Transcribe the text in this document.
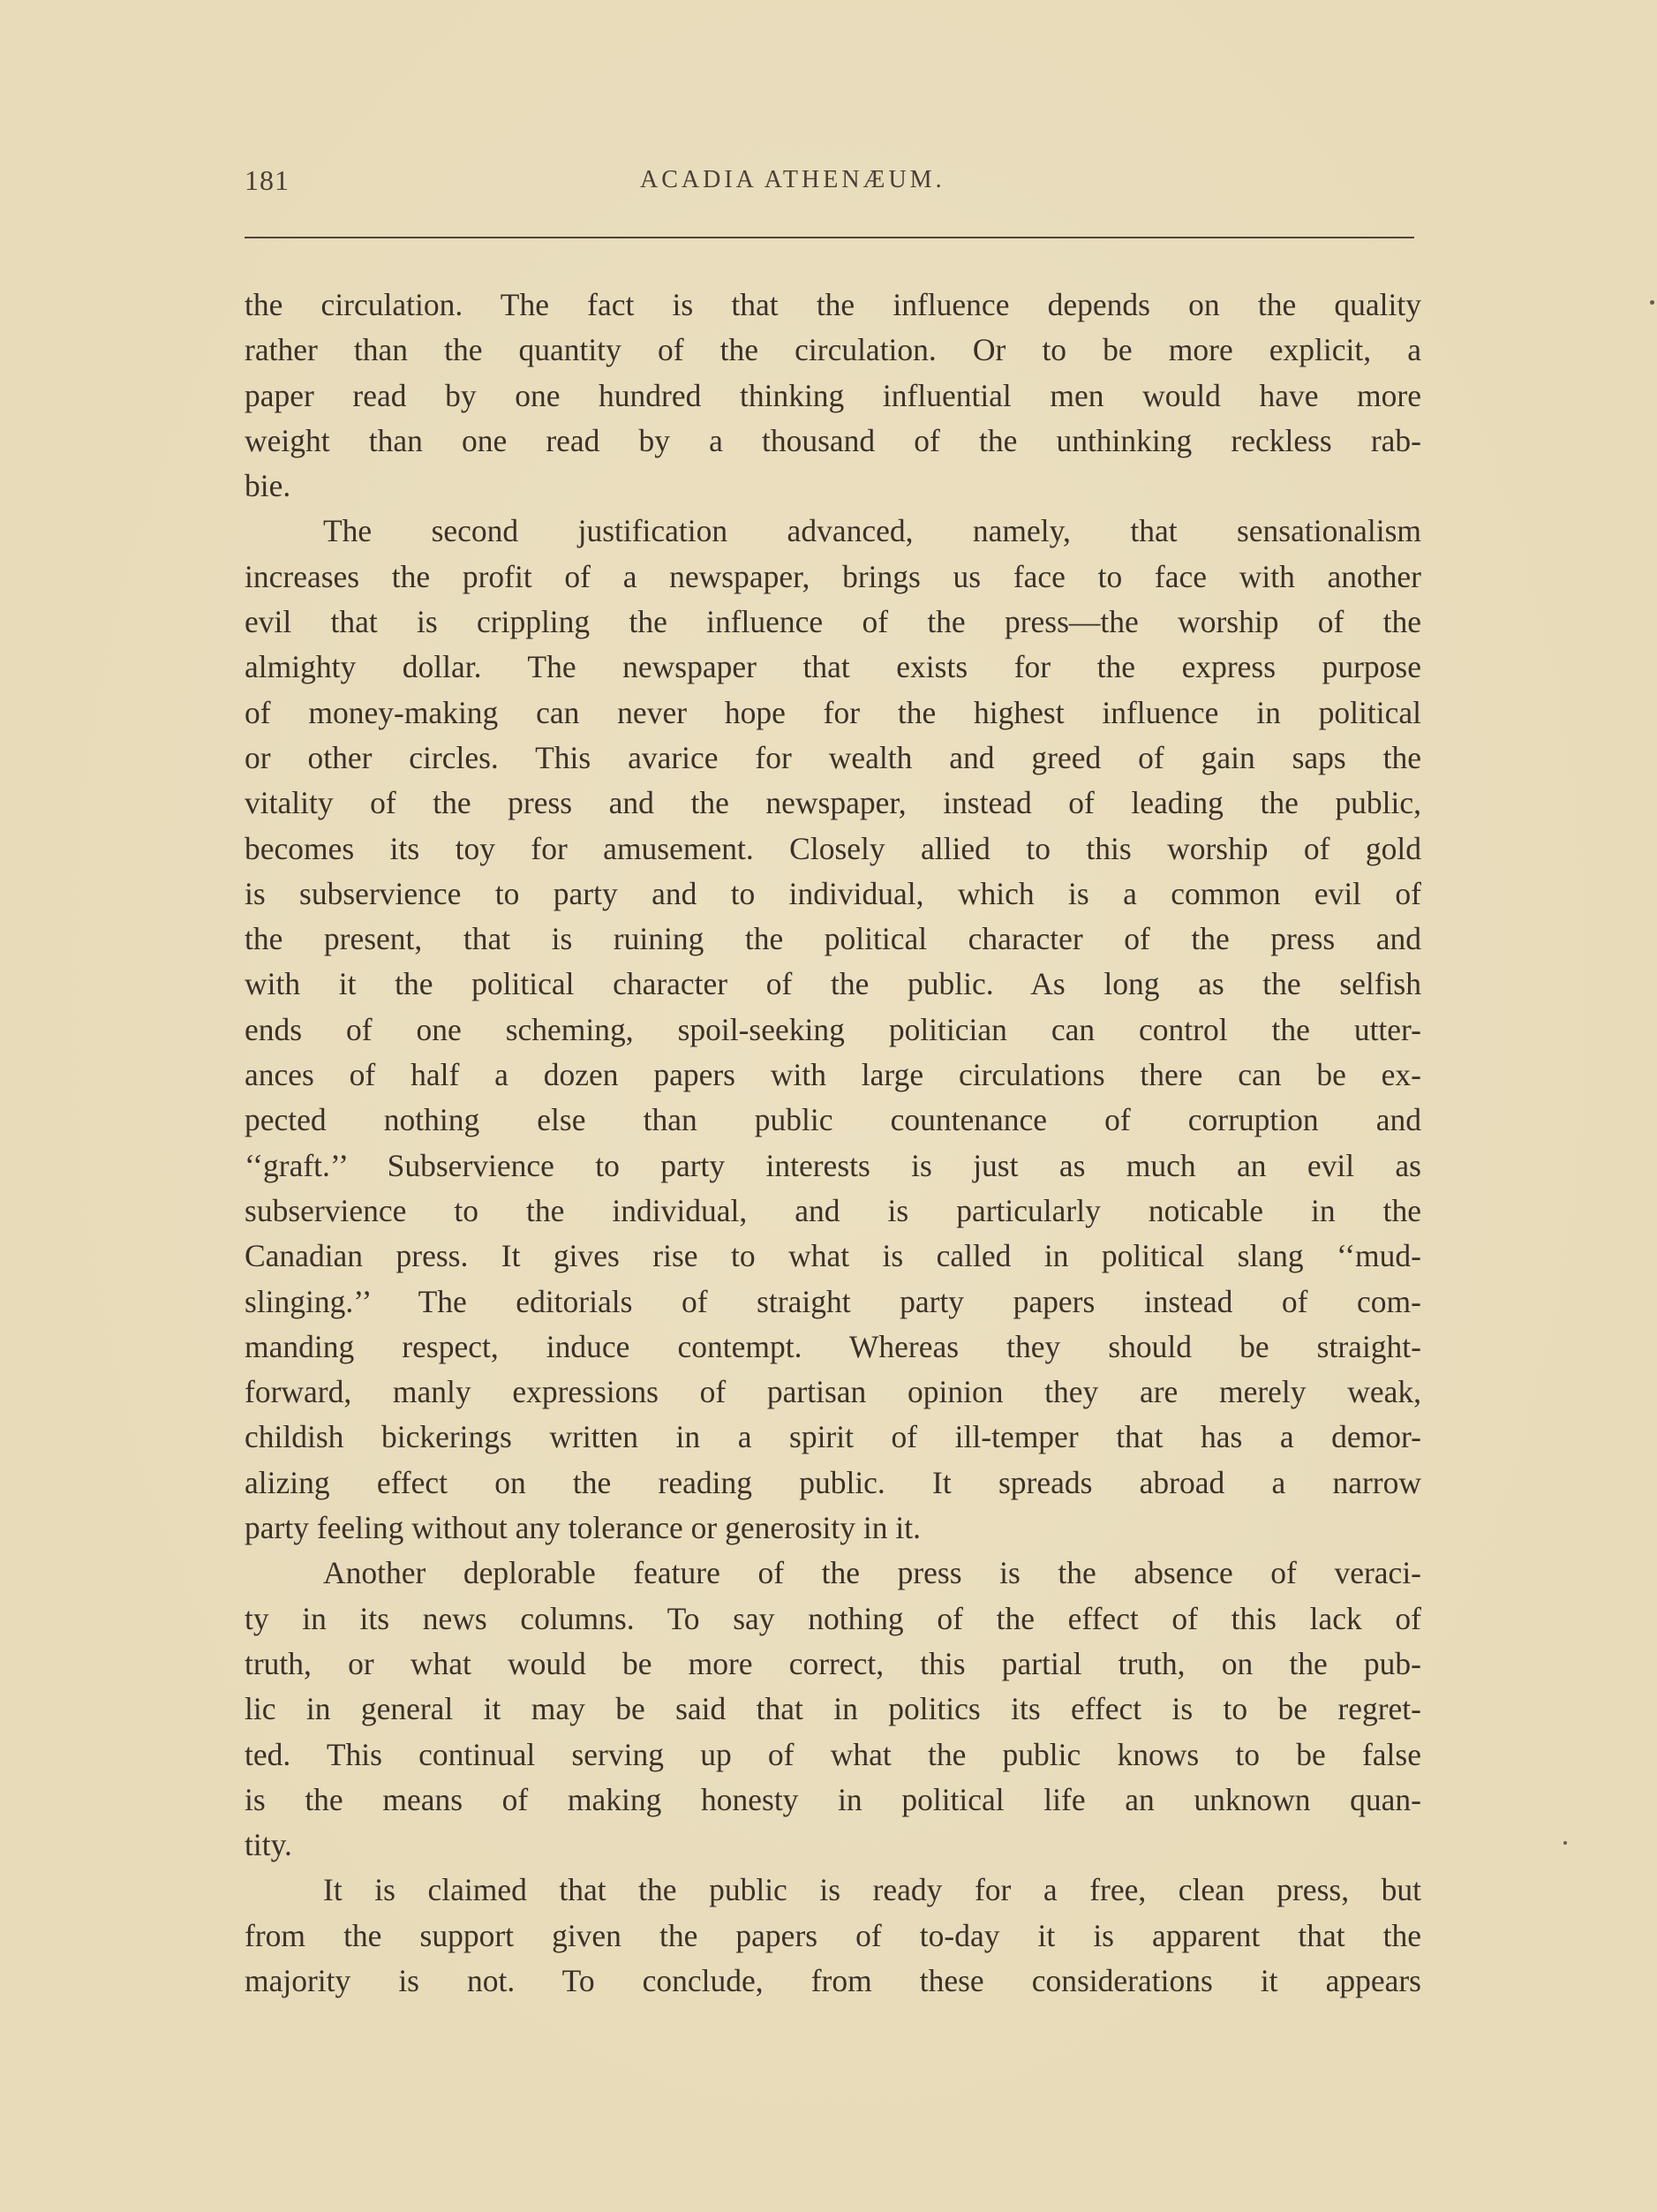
181	ACADIA ATHENÆUM.
the circulation. The fact is that the influence depends on the quality
rather than the quantity of the circulation. Or to be more explicit, a
paper read by one hundred thinking influential men would have more
weight than one read by a thousand of the unthinking reckless rab-
bie.
The second justification advanced, namely, that sensationalism
increases the profit of a newspaper, brings us face to face with another
evil that is crippling the influence of the press—the worship of the
almighty dollar. The newspaper that exists for the express purpose
of money-making can never hope for the highest influence in political
or other circles. This avarice for wealth and greed of gain saps the
vitality of the press and the newspaper, instead of leading the public,
becomes its toy for amusement. Closely allied to this worship of gold
is subservience to party and to individual, which is a common evil of
the present, that is ruining the political character of the press and
with it the political character of the public. As long as the selfish
ends of one scheming, spoil-seeking politician can control the utter-
ances of half a dozen papers with large circulations there can be ex-
pected nothing else than public countenance of corruption and
‘‘graft.’’ Subservience to party interests is just as much an evil as
subservience to the individual, and is particularly noticable in the
Canadian press. It gives rise to what is called in political slang ‘‘mud-
slinging.’’ The editorials of straight party papers instead of com-
manding respect, induce contempt. Whereas they should be straight-
forward, manly expressions of partisan opinion they are merely weak,
childish bickerings written in a spirit of ill-temper that has a demor-
alizing effect on the reading public. It spreads abroad a narrow
party feeling without any tolerance or generosity in it.
Another deplorable feature of the press is the absence of veraci-
ty in its news columns. To say nothing of the effect of this lack of
truth, or what would be more correct, this partial truth, on the pub-
lic in general it may be said that in politics its effect is to be regret-
ted. This continual serving up of what the public knows to be false
is the means of making honesty in political life an unknown quan-
tity.
It is claimed that the public is ready for a free, clean press, but
from the support given the papers of to-day it is apparent that the
majority is not. To conclude, from these considerations it appears
